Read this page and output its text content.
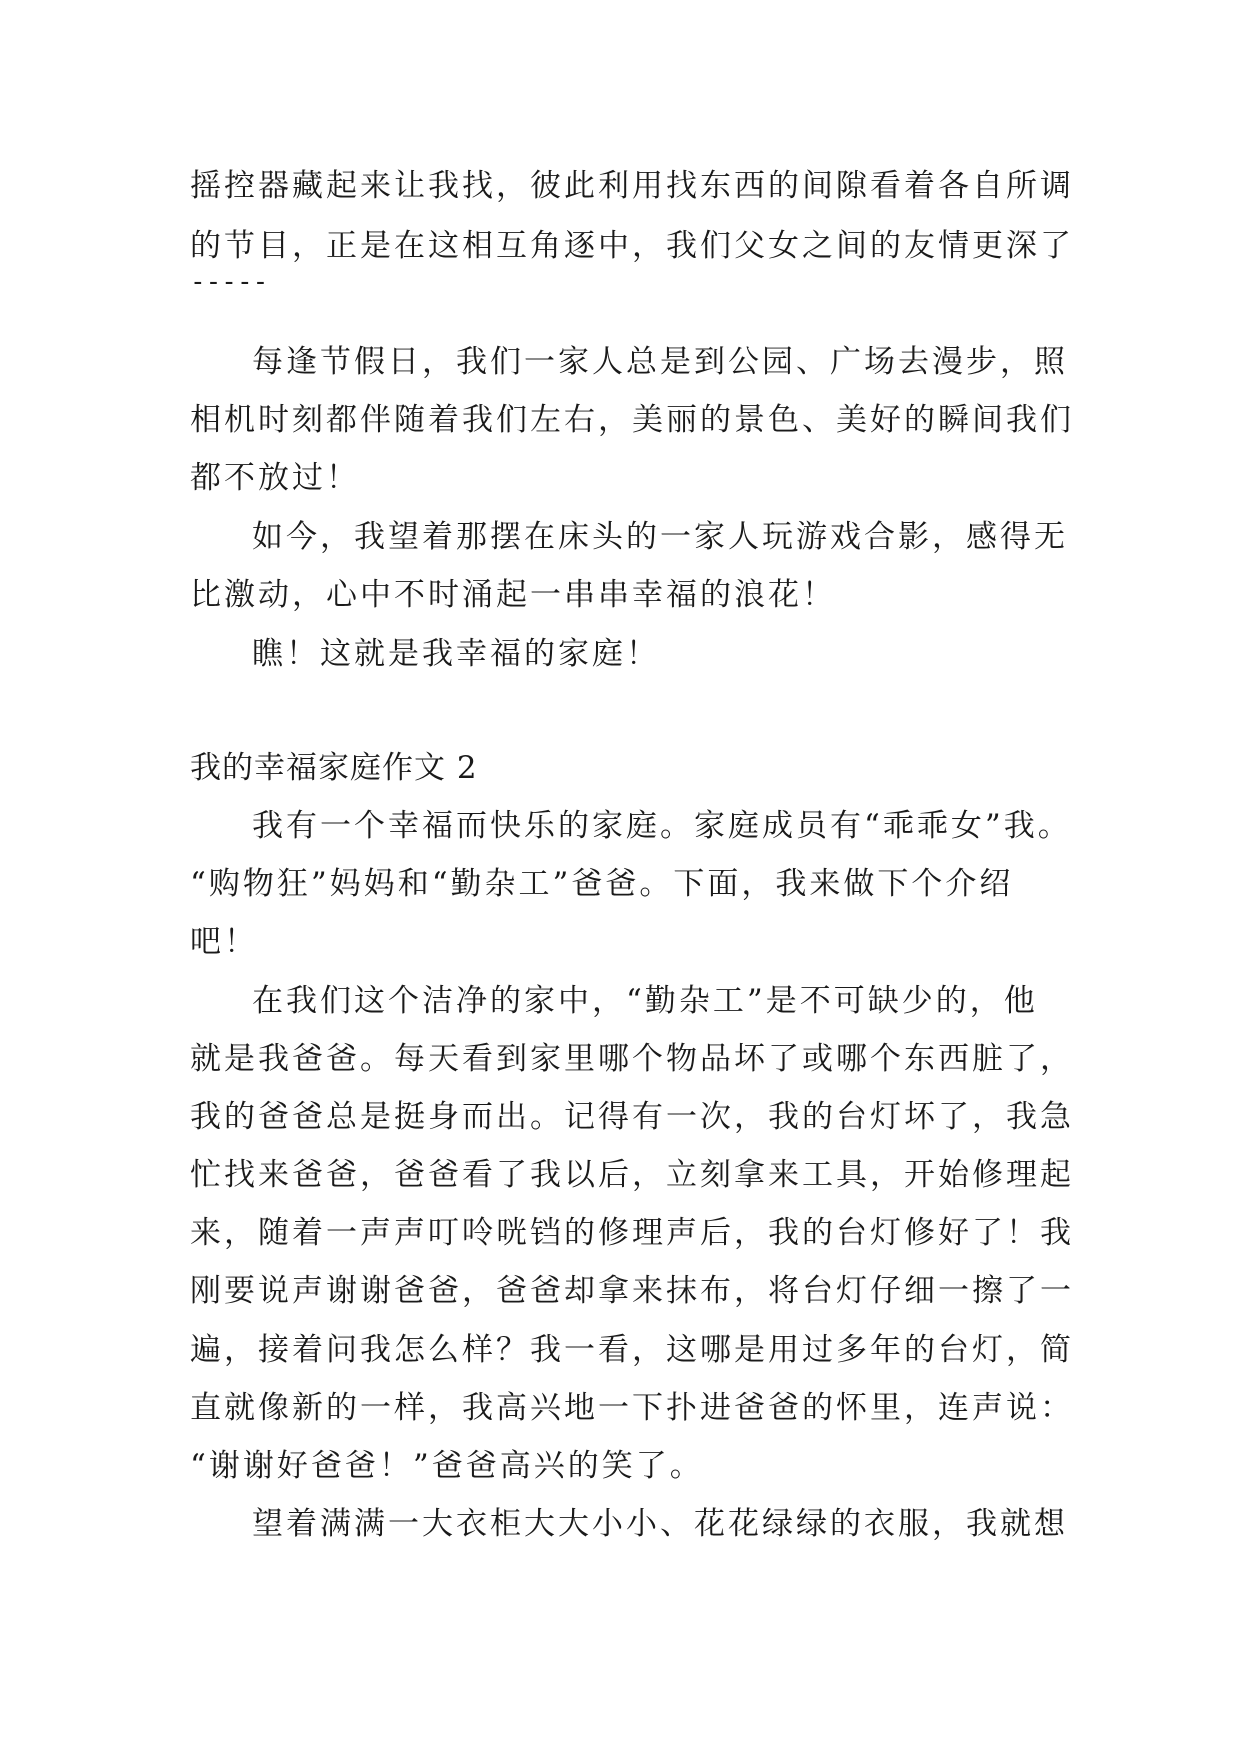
摇控器藏起来让我找，彼此利用找东西的间隙看着各自所调
的节目，正是在这相互角逐中，我们父女之间的友情更深了
-----
每逢节假日，我们一家人总是到公园、广场去漫步，照
相机时刻都伴随着我们左右，美丽的景色、美好的瞬间我们
都不放过！
如今，我望着那摆在床头的一家人玩游戏合影，感得无
比激动，心中不时涌起一串串幸福的浪花！
瞧！这就是我幸福的家庭！
我的幸福家庭作文 2
我有一个幸福而快乐的家庭。家庭成员有“乖乖女”我。
“购物狂”妈妈和“勤杂工”爸爸。下面，我来做下个介绍
吧！
在我们这个洁净的家中，“勤杂工”是不可缺少的，他
就是我爸爸。每天看到家里哪个物品坏了或哪个东西脏了，
我的爸爸总是挺身而出。记得有一次，我的台灯坏了，我急
忙找来爸爸，爸爸看了我以后，立刻拿来工具，开始修理起
来，随着一声声叮呤咣铛的修理声后，我的台灯修好了！我
刚要说声谢谢爸爸，爸爸却拿来抹布，将台灯仔细一擦了一
遍，接着问我怎么样？我一看，这哪是用过多年的台灯，简
直就像新的一样，我高兴地一下扑进爸爸的怀里，连声说：
“谢谢好爸爸！”爸爸高兴的笑了。
望着满满一大衣柜大大小小、花花绿绿的衣服，我就想
